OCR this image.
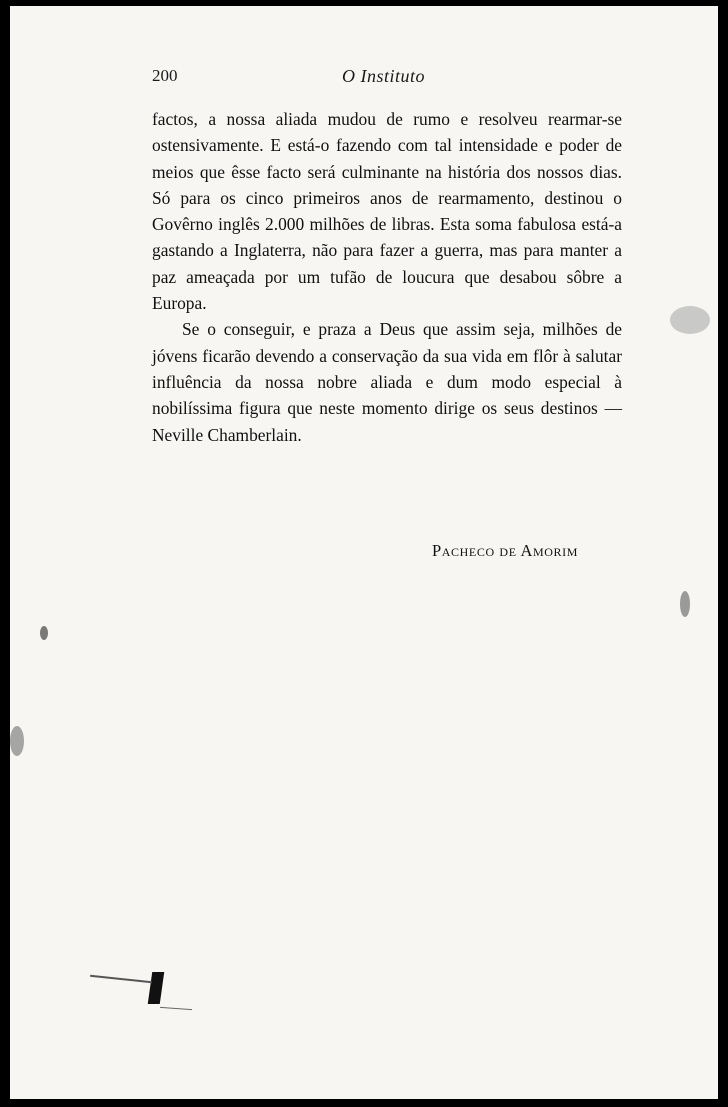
200	O Instituto

factos, a nossa aliada mudou de rumo e resolveu rearmar-se ostensivamente. E está-o fazendo com tal intensidade e poder de meios que êsse facto será culminante na história dos nossos dias. Só para os cinco primeiros anos de rearmamento, destinou o Govêrno inglês 2.000 milhões de libras. Esta soma fabulosa está-a gastando a Inglaterra, não para fazer a guerra, mas para manter a paz ameaçada por um tufão de loucura que desabou sôbre a Europa.

Se o conseguir, e praza a Deus que assim seja, milhões de jóvens ficarão devendo a conservação da sua vida em flôr à salutar influência da nossa nobre aliada e dum modo especial à nobilíssima figura que neste momento dirige os seus destinos — Neville Chamberlain.

Pacheco de Amorim
